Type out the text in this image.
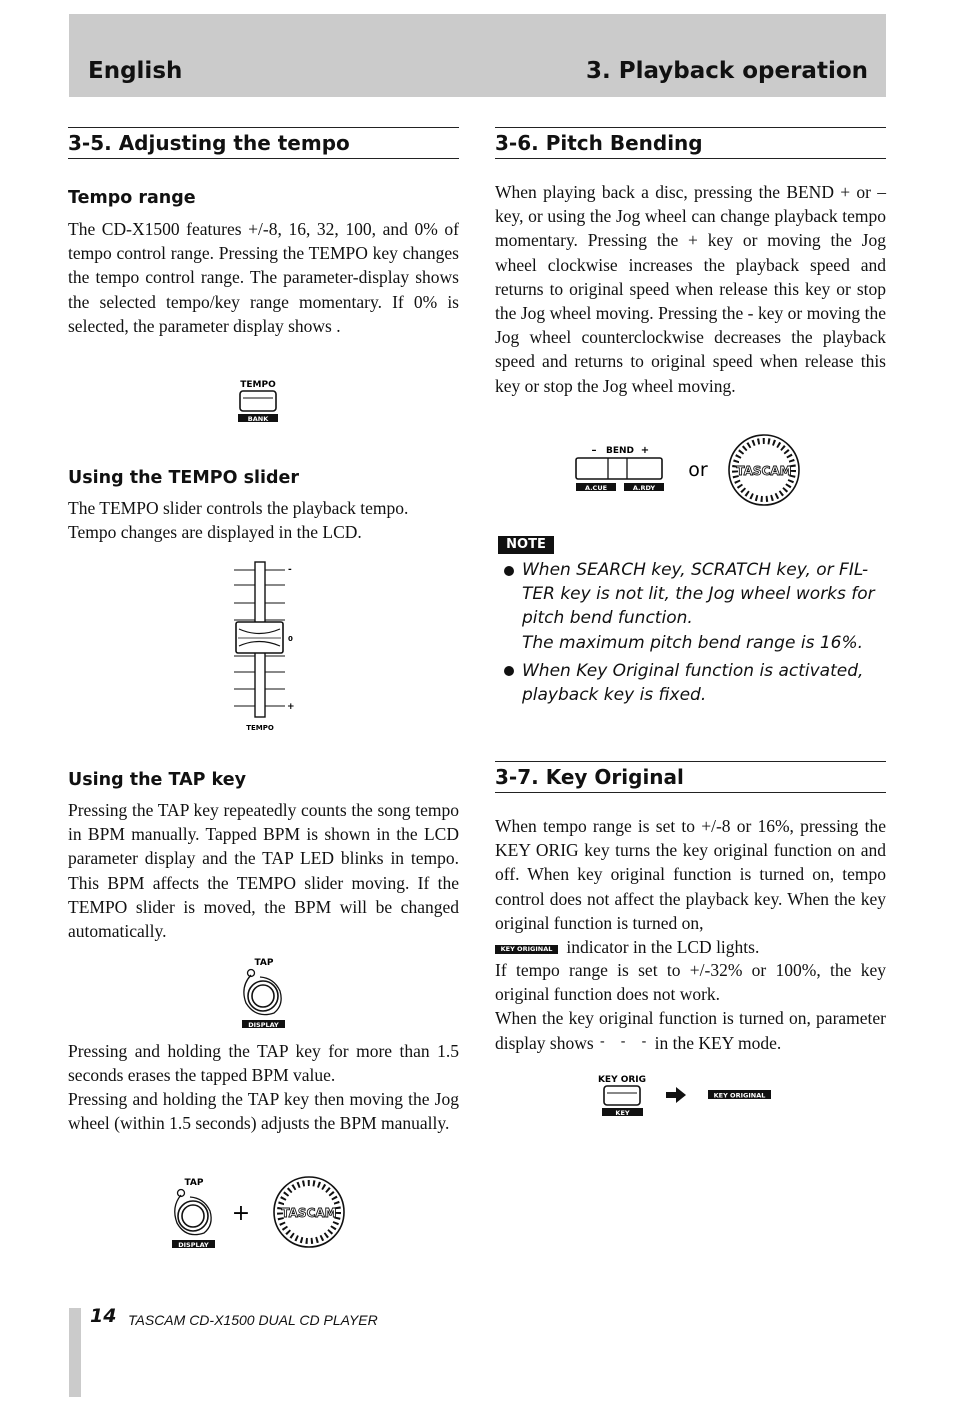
English	3. Playback operation
3-5. Adjusting the tempo
Tempo range

The CD-X1500 features +/-8, 16, 32, 100, and 0% of tempo control range. Pressing the TEMPO key changes the tempo control range. The parameter-display shows the selected tempo/key range momentary. If 0% is selected, the parameter display shows .

TEMPO
BANK
Using the TEMPO slider

The TEMPO slider controls the playback tempo. Tempo changes are displayed in the LCD.

-
0
+
TEMPO
Using the TAP key

Pressing the TAP key repeatedly counts the song tempo in BPM manually. Tapped BPM is shown in the LCD parameter display and the TAP LED blinks in tempo. This BPM affects the TEMPO slider moving. If the TEMPO slider is moved, the BPM will be changed automatically.

TAP
DISPLAY

Pressing and holding the TAP key for more than 1.5 seconds erases the tapped BPM value.

Pressing and holding the TAP key then moving the Jog wheel (within 1.5 seconds) adjusts the BPM manually.

TAP
DISPLAY
+	TASCAM
3-6. Pitch Bending

When playing back a disc, pressing the BEND + or – key, or using the Jog wheel can change playback tempo momentary. Pressing the + key or moving the Jog wheel clockwise increases the playback speed and returns to original speed when release this key or stop the Jog wheel moving. Pressing the - key or moving the Jog wheel counterclockwise decreases the playback speed and returns to original speed when release this key or stop the Jog wheel moving.

– BEND +
A.CUE	A.RDY
or TASCAM
NOTE
When SEARCH key, SCRATCH key, or FIL-TER key is not lit, the Jog wheel works for pitch bend function.
The maximum pitch bend range is 16%.
When Key Original function is activated, playback key is fixed.
3-7. Key Original

When tempo range is set to +/-8 or 16%, pressing the KEY ORIG key turns the key original function on and off. When key original function is turned on, tempo control does not affect the playback key. When the key original function is turned on,
KEY ORIGINAL indicator in the LCD lights.

If tempo range is set to +/-32% or 100%, the key original function does not work.

When the key original function is turned on, parameter display shows - - - in the KEY mode.

KEY ORIG
KEY
KEY ORIGINAL
14 TASCAM CD-X1500 DUAL CD PLAYER
